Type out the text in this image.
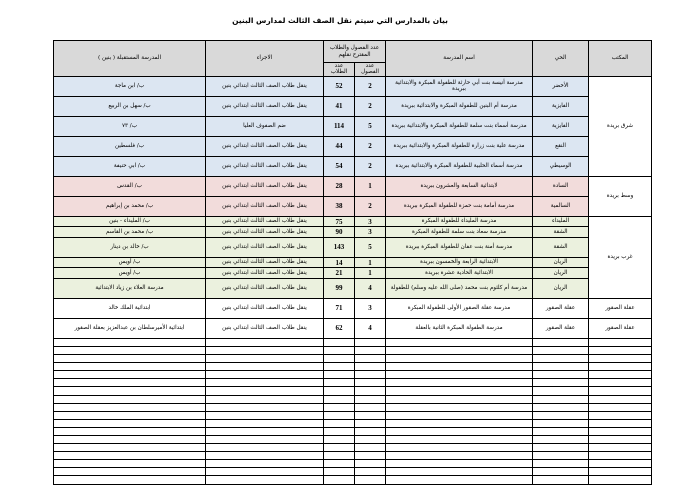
بيان بالمدارس التي سيتم نقل الصف الثالث لمدارس البنين
المكتب	الحي	اسم المدرسة	عدد الفصول والطلاب المقترح نقلهم		الاجراء	المدرسة المستقبلة ( بنين )
			عدد الفصول	عدد الطلاب		
شرق بريدة	الأخضر	مدرسة أنيسة بنت أبي حارثة للطفولة المبكرة والابتدائية ببريدة	2	52	ينقل طلاب الصف الثالث ابتدائي بنين	ب/ ابن ماجة
	الفايزية	مدرسة أم البنين للطفولة المبكرة والابتدائية ببريدة	2	41	ينقل طلاب الصف الثالث ابتدائي بنين	ب/ سهل بن الربيع
	الفايزية	مدرسة أسماء بنت سلمة للطفولة المبكرة والابتدائية ببريدة	5	114	ضم الصفوف العليا	ب/ ٧٣
	النقع	مدرسة علية بنت زرارة للطفولة المبكرة والابتدائية ببريدة	2	44	ينقل طلاب الصف الثالث ابتدائي بنين	ب/ فلسطين
	الوسيطي	مدرسة أسماء الحلبية للطفولة المبكرة والابتدائية ببريدة	2	54	ينقل طلاب الصف الثالث ابتدائي بنين	ب/ ابي حنيفة
وسط بريدة	السادة	لابتدائية السابعة والعشرون ببريدة	1	28	ينقل طلاب الصف الثالث ابتدائي بنين	ب/ القدس
	السالمية	مدرسة أمامة بنت حمزة للطفولة المبكرة ببريدة	2	38	ينقل طلاب الصف الثالث ابتدائي بنين	ب/ محمد بن إبراهيم
غرب بريدة	المليداء	مدرسة المليداء للطفولة المبكرة	3	75	ينقل طلاب الصف الثالث ابتدائي بنين	ب/ المليداء - بنين
	الشقة	مدرسة سعاد بنت سلمة للطفولة المبكرة	3	90	ينقل طلاب الصف الثالث ابتدائي بنين	ب/ محمد بن القاسم
	الشقة	مدرسة أمنة بنت عفان للطفولة المبكرة ببريدة	5	143	ينقل طلاب الصف الثالث ابتدائي بنين	ب/ خالد بن دينار
	الريان	الابتدائية الرابعة والخمسون ببريدة	1	14	ينقل طلاب الصف الثالث ابتدائي بنين	ب/ أويس
	الريان	الابتدائية الحادية عشرة ببريدة	1	21	ينقل طلاب الصف الثالث ابتدائي بنين	ب/ أويس
	الريان	مدرسة أم كلثوم بنت محمد (صلى الله عليه وسلم) للطفولة	4	99	ينقل طلاب الصف الثالث ابتدائي بنين	مدرسة العلاء بن زياد الابتدائية
عقلة الصقور	عقلة الصقور	مدرسة عقلة الصقور الأولى للطفولة المبكرة	3	71	ينقل طلاب الصف الثالث ابتدائي بنين	ابتدائية الملك خالد
عقلة الصقور	عقلة الصقور	مدرسة الطفولة المبكرة الثانية بالعقلة	4	62	ينقل طلاب الصف الثالث ابتدائي بنين	ابتدائية الأميرسلطان بن عبدالعزيز بعقلة الصقور
